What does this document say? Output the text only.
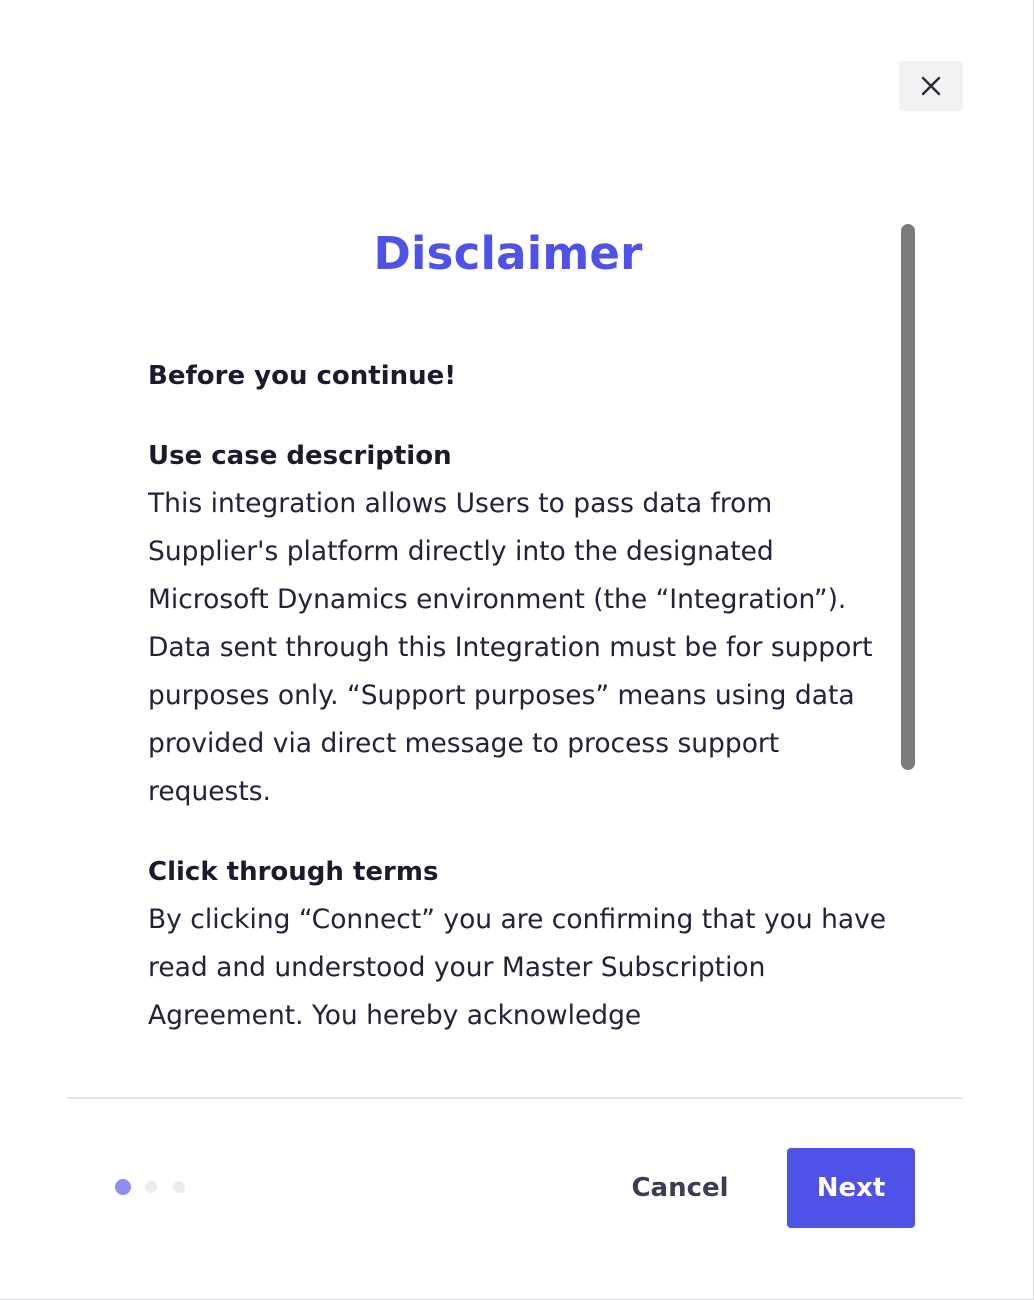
Disclaimer

Before you continue!

Use case description

This integration allows Users to pass data from Supplier's platform directly into the designated Microsoft Dynamics environment (the “Integration”). Data sent through this Integration must be for support purposes only. “Support purposes” means using data provided via direct message to process support requests.

Click through terms

By clicking “Connect” you are confirming that you have read and understood your Master Subscription Agreement. You hereby acknowledge

Cancel	Next
